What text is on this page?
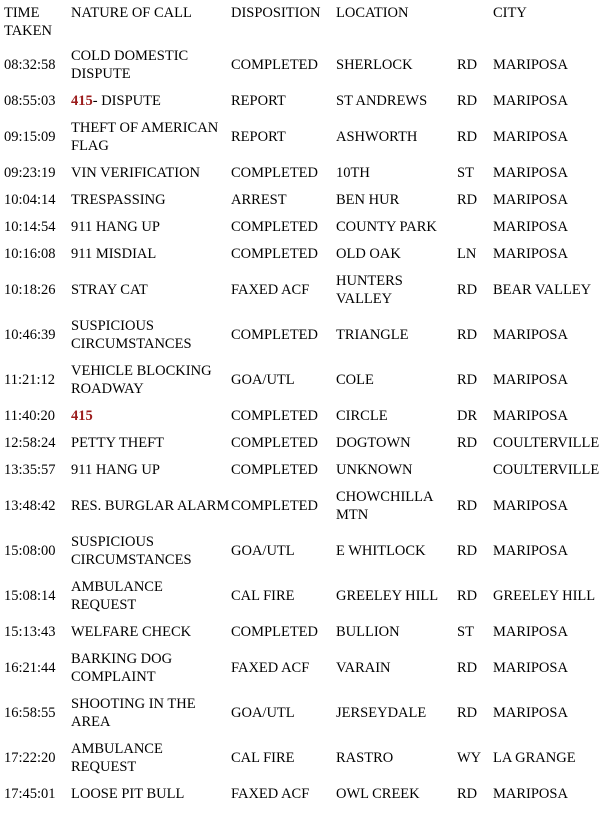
TIME TAKEN	NATURE OF CALL	DISPOSITION	LOCATION		CITY
08:32:58	COLD DOMESTIC DISPUTE	COMPLETED	SHERLOCK	RD	MARIPOSA
08:55:03	415- DISPUTE	REPORT	ST ANDREWS	RD	MARIPOSA
09:15:09	THEFT OF AMERICAN FLAG	REPORT	ASHWORTH	RD	MARIPOSA
09:23:19	VIN VERIFICATION	COMPLETED	10TH	ST	MARIPOSA
10:04:14	TRESPASSING	ARREST	BEN HUR	RD	MARIPOSA
10:14:54	911 HANG UP	COMPLETED	COUNTY PARK		MARIPOSA
10:16:08	911 MISDIAL	COMPLETED	OLD OAK	LN	MARIPOSA
10:18:26	STRAY CAT	FAXED ACF	HUNTERS VALLEY	RD	BEAR VALLEY
10:46:39	SUSPICIOUS CIRCUMSTANCES	COMPLETED	TRIANGLE	RD	MARIPOSA
11:21:12	VEHICLE BLOCKING ROADWAY	GOA/UTL	COLE	RD	MARIPOSA
11:40:20	415	COMPLETED	CIRCLE	DR	MARIPOSA
12:58:24	PETTY THEFT	COMPLETED	DOGTOWN	RD	COULTERVILLE
13:35:57	911 HANG UP	COMPLETED	UNKNOWN		COULTERVILLE
13:48:42	RES. BURGLAR ALARM	COMPLETED	CHOWCHILLA MTN	RD	MARIPOSA
15:08:00	SUSPICIOUS CIRCUMSTANCES	GOA/UTL	E WHITLOCK	RD	MARIPOSA
15:08:14	AMBULANCE REQUEST	CAL FIRE	GREELEY HILL	RD	GREELEY HILL
15:13:43	WELFARE CHECK	COMPLETED	BULLION	ST	MARIPOSA
16:21:44	BARKING DOG COMPLAINT	FAXED ACF	VARAIN	RD	MARIPOSA
16:58:55	SHOOTING IN THE AREA	GOA/UTL	JERSEYDALE	RD	MARIPOSA
17:22:20	AMBULANCE REQUEST	CAL FIRE	RASTRO	WY	LA GRANGE
17:45:01	LOOSE PIT BULL	FAXED ACF	OWL CREEK	RD	MARIPOSA
